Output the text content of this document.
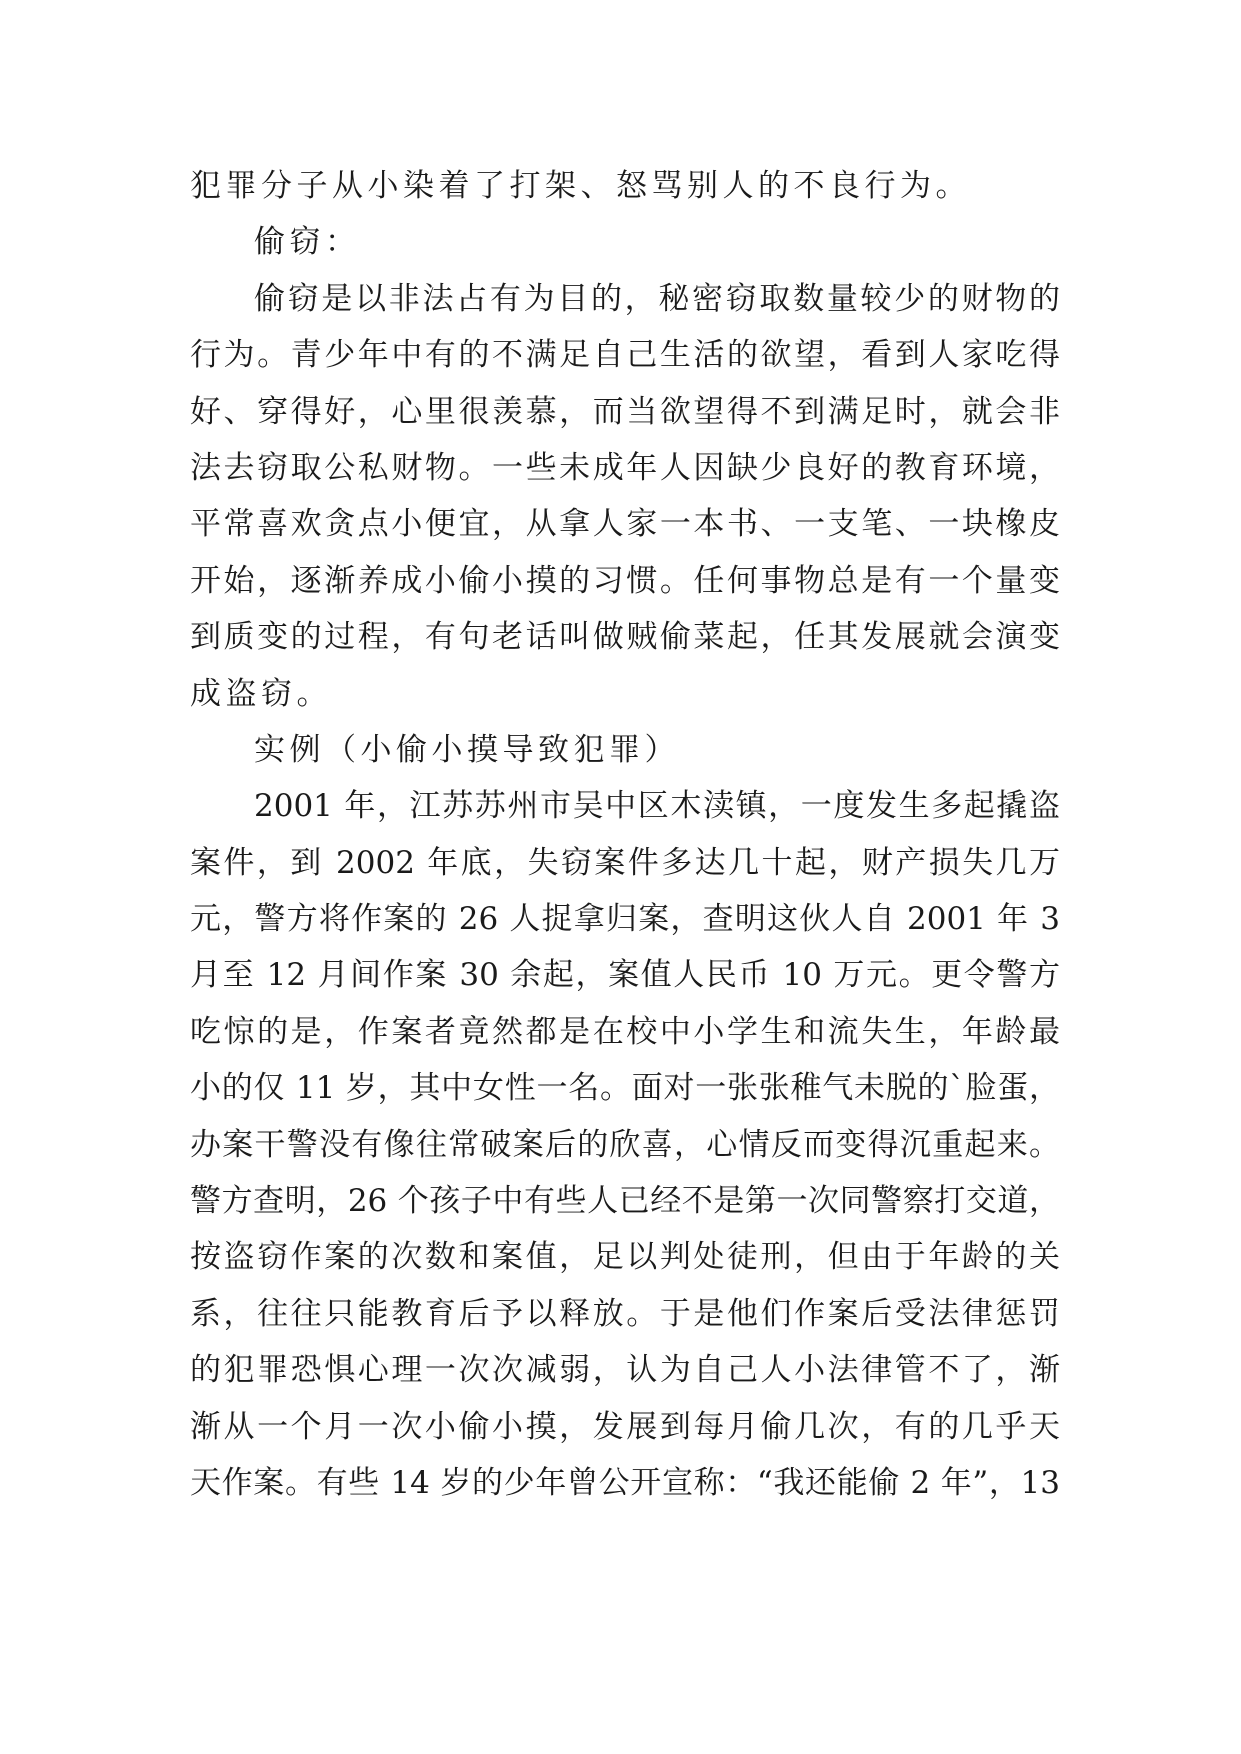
犯罪分子从小染着了打架、怒骂别人的不良行为。
偷窃：
偷窃是以非法占有为目的，秘密窃取数量较少的财物的
行为。青少年中有的不满足自己生活的欲望，看到人家吃得
好、穿得好，心里很羡慕，而当欲望得不到满足时，就会非
法去窃取公私财物。一些未成年人因缺少良好的教育环境，
平常喜欢贪点小便宜，从拿人家一本书、一支笔、一块橡皮
开始，逐渐养成小偷小摸的习惯。任何事物总是有一个量变
到质变的过程，有句老话叫做贼偷菜起，任其发展就会演变
成盗窃。
实例（小偷小摸导致犯罪）
2001 年，江苏苏州市吴中区木渎镇，一度发生多起撬盗
案件，到 2002 年底，失窃案件多达几十起，财产损失几万
元，警方将作案的 26 人捉拿归案，查明这伙人自 2001 年 3
月至 12 月间作案 30 余起，案值人民币 10 万元。更令警方
吃惊的是，作案者竟然都是在校中小学生和流失生，年龄最
小的仅 11 岁，其中女性一名。面对一张张稚气未脱的`脸蛋，
办案干警没有像往常破案后的欣喜，心情反而变得沉重起来。
警方查明，26 个孩子中有些人已经不是第一次同警察打交道，
按盗窃作案的次数和案值，足以判处徒刑，但由于年龄的关
系，往往只能教育后予以释放。于是他们作案后受法律惩罚
的犯罪恐惧心理一次次减弱，认为自己人小法律管不了，渐
渐从一个月一次小偷小摸，发展到每月偷几次，有的几乎天
天作案。有些 14 岁的少年曾公开宣称：“我还能偷 2 年”，13
